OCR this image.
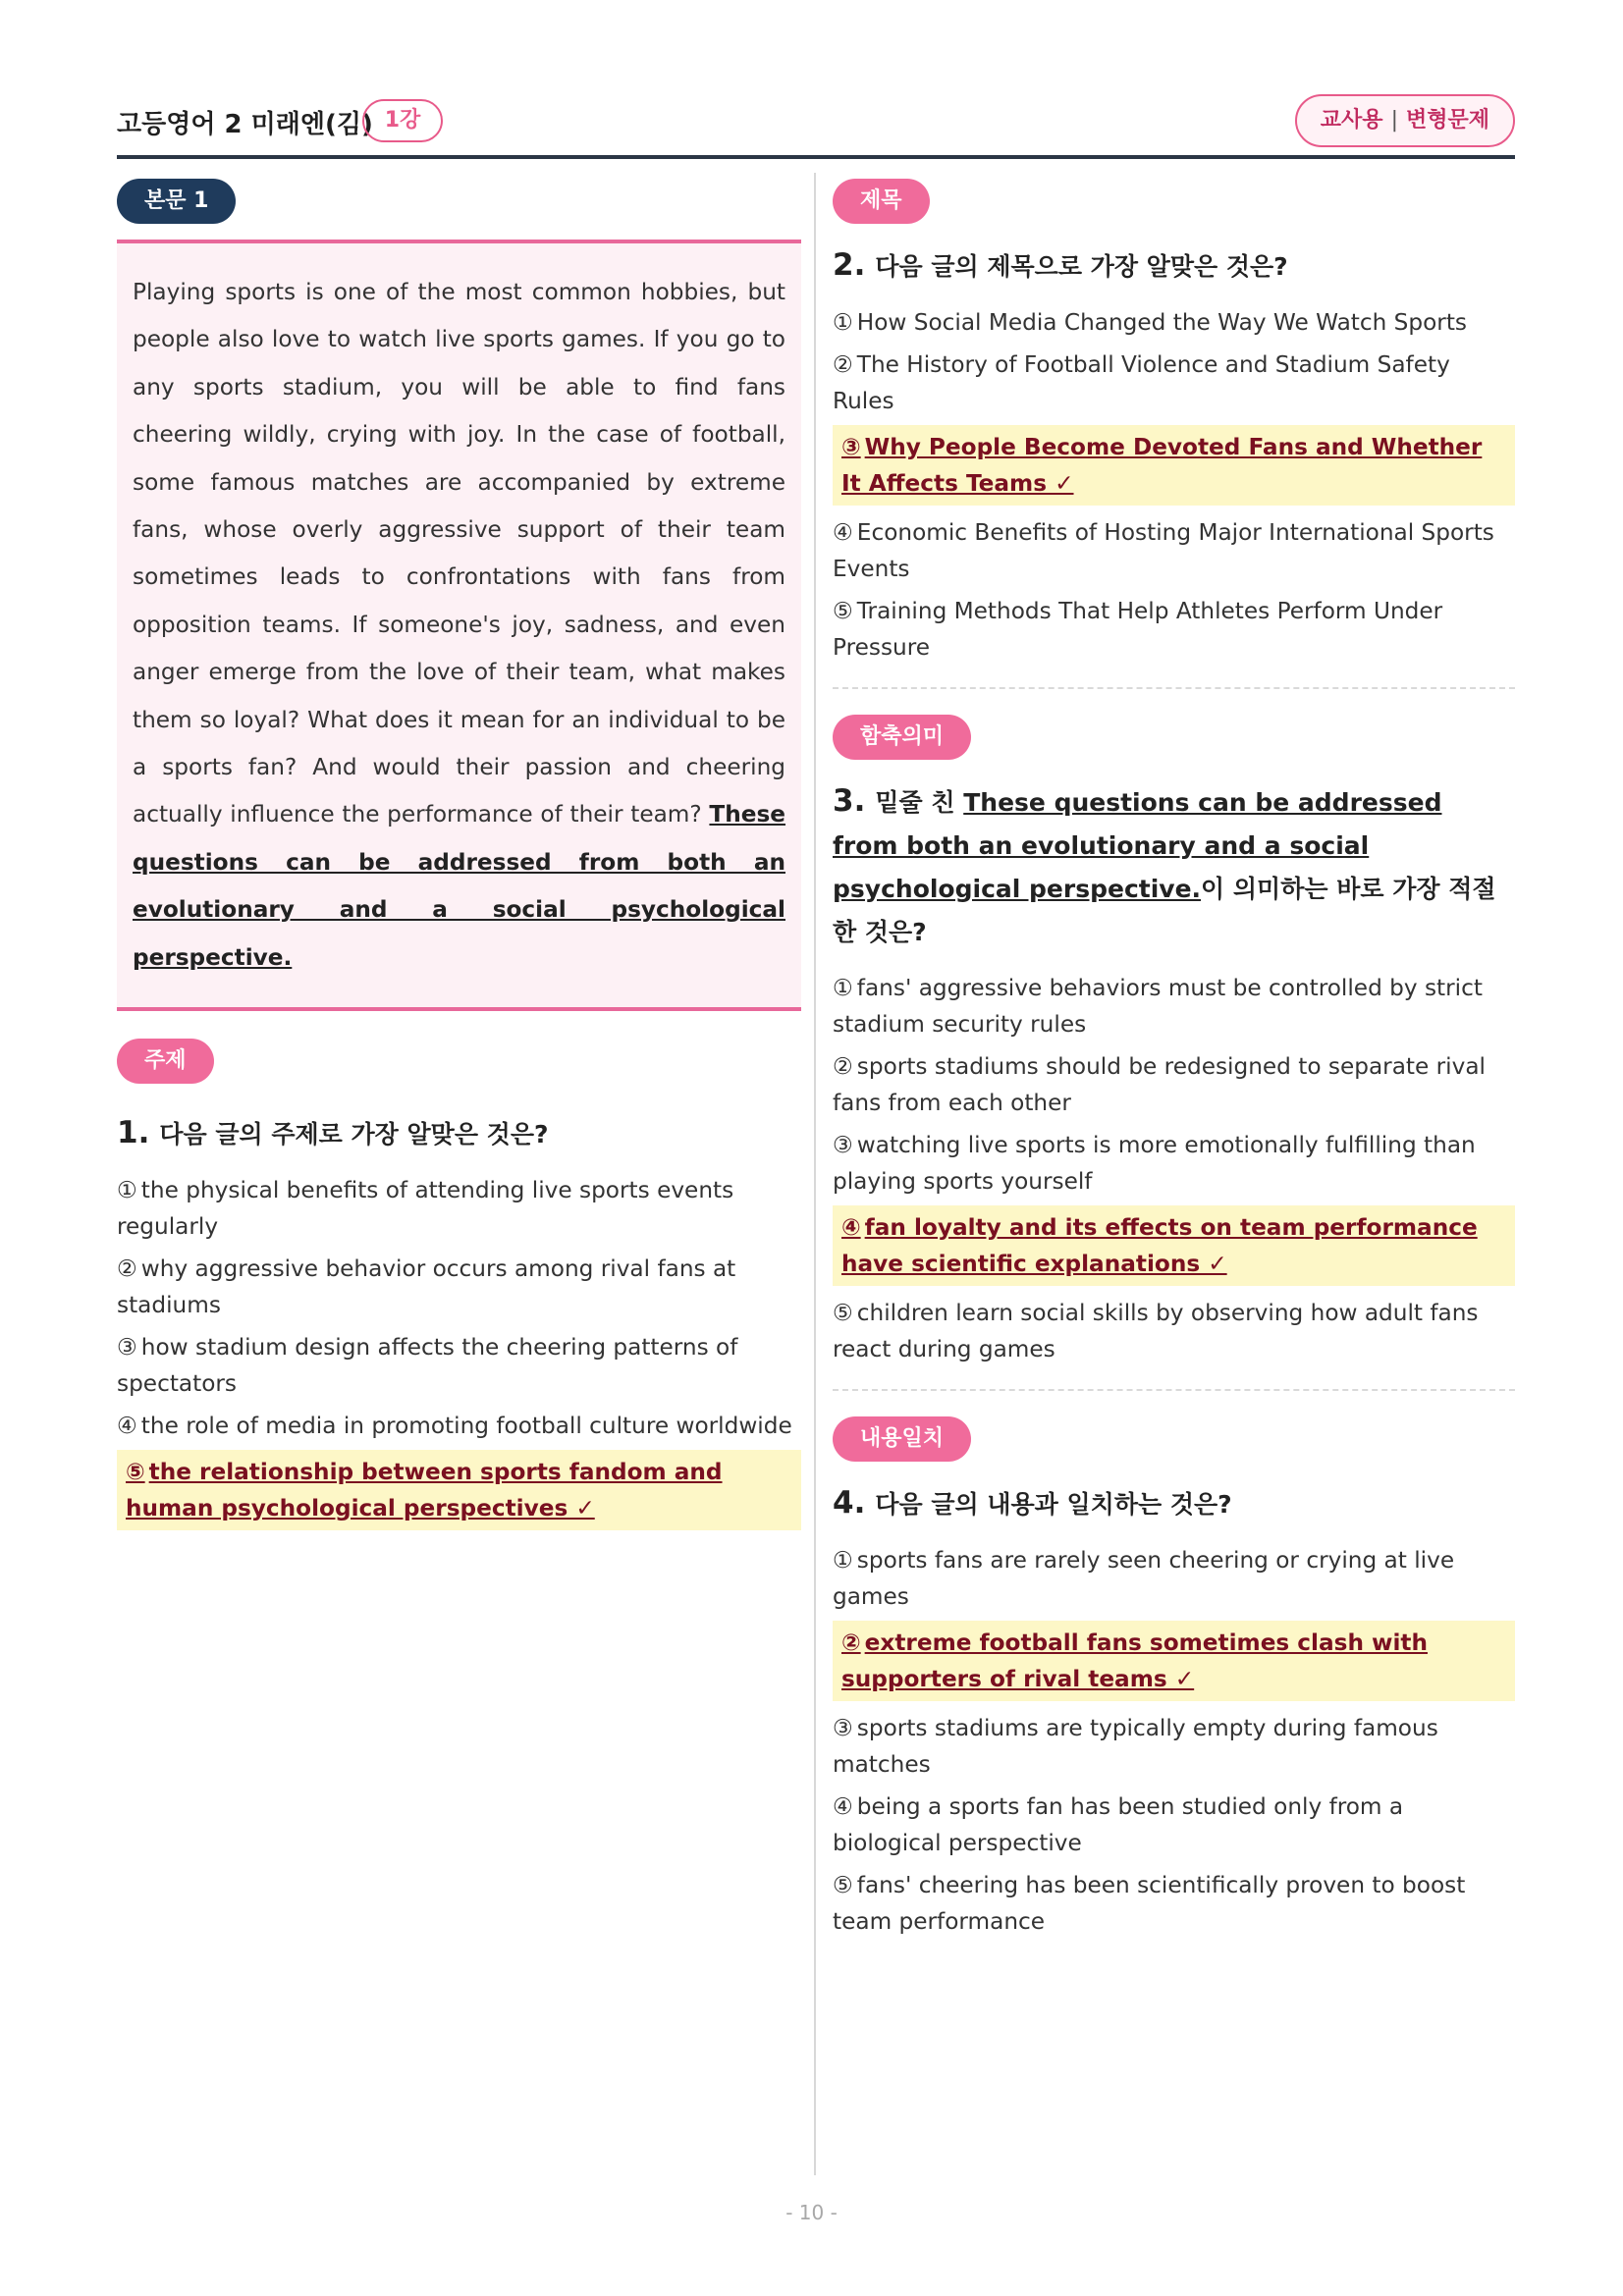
고등영어 2 미래엔(김) 1강	교사용 | 변형문제
본문 1

Playing sports is one of the most common hobbies, but people also love to watch live sports games. If you go to any sports stadium, you will be able to find fans cheering wildly, crying with joy. In the case of football, some famous matches are accompanied by extreme fans, whose overly aggressive support of their team sometimes leads to confrontations with fans from opposition teams. If someone's joy, sadness, and even anger emerge from the love of their team, what makes them so loyal? What does it mean for an individual to be a sports fan? And would their passion and cheering actually influence the performance of their team? These questions can be addressed from both an evolutionary and a social psychological perspective.

주제
1. 다음 글의 주제로 가장 알맞은 것은?
① the physical benefits of attending live sports events regularly
② why aggressive behavior occurs among rival fans at stadiums
③ how stadium design affects the cheering patterns of spectators
④ the role of media in promoting football culture worldwide
⑤ the relationship between sports fandom and human psychological perspectives ✓
제목
2. 다음 글의 제목으로 가장 알맞은 것은?
① How Social Media Changed the Way We Watch Sports
② The History of Football Violence and Stadium Safety Rules
③ Why People Become Devoted Fans and Whether It Affects Teams ✓
④ Economic Benefits of Hosting Major International Sports Events
⑤ Training Methods That Help Athletes Perform Under Pressure
함축의미
3. 밑줄 친 These questions can be addressed from both an evolutionary and a social psychological perspective.이 의미하는 바로 가장 적절한 것은?
① fans' aggressive behaviors must be controlled by strict stadium security rules
② sports stadiums should be redesigned to separate rival fans from each other
③ watching live sports is more emotionally fulfilling than playing sports yourself
④ fan loyalty and its effects on team performance have scientific explanations ✓
⑤ children learn social skills by observing how adult fans react during games
내용일치
4. 다음 글의 내용과 일치하는 것은?
① sports fans are rarely seen cheering or crying at live games
② extreme football fans sometimes clash with supporters of rival teams ✓
③ sports stadiums are typically empty during famous matches
④ being a sports fan has been studied only from a biological perspective
⑤ fans' cheering has been scientifically proven to boost team performance
- 10 -
